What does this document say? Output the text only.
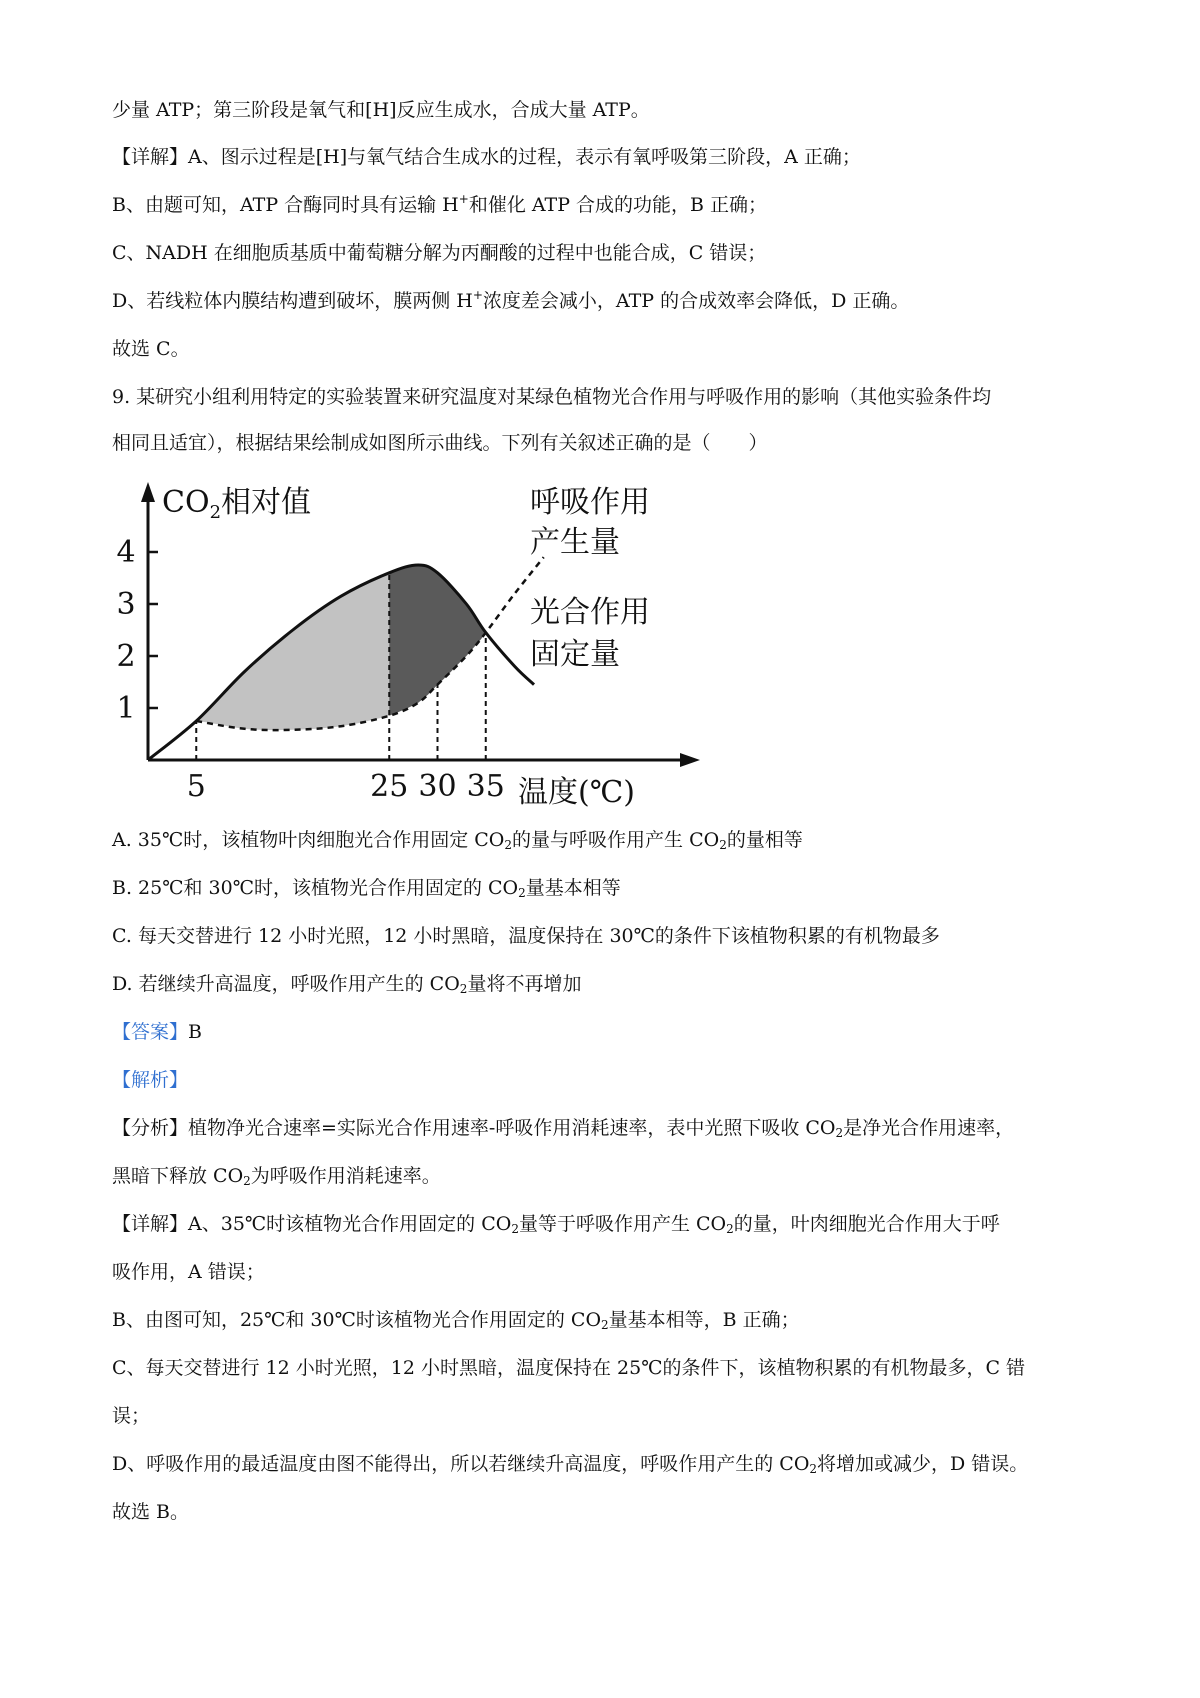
少量 ATP；第三阶段是氧气和[H]反应生成水，合成大量 ATP。
【详解】A、图示过程是[H]与氧气结合生成水的过程，表示有氧呼吸第三阶段，A 正确；
B、由题可知，ATP 合酶同时具有运输 H+和催化 ATP 合成的功能，B 正确；
C、NADH 在细胞质基质中葡萄糖分解为丙酮酸的过程中也能合成，C 错误；
D、若线粒体内膜结构遭到破坏，膜两侧 H+浓度差会减小，ATP 的合成效率会降低，D 正确。
故选 C。
9. 某研究小组利用特定的实验装置来研究温度对某绿色植物光合作用与呼吸作用的影响（其他实验条件均
相同且适宜），根据结果绘制成如图所示曲线。下列有关叙述正确的是（　　）
1
2
3
4
5	25 30 35
$CO_2$相对值
温度(℃)
呼吸作用
产生量
光合作用
固定量
A. 35℃时，该植物叶肉细胞光合作用固定 $CO_2$的量与呼吸作用产生 $CO_2$的量相等
B. 25℃和 30℃时，该植物光合作用固定的 $CO_2$量基本相等
C. 每天交替进行 12 小时光照，12 小时黑暗，温度保持在 30℃的条件下该植物积累的有机物最多
D. 若继续升高温度，呼吸作用产生的 $CO_2$量将不再增加
【答案】B
【解析】
【分析】植物净光合速率=实际光合作用速率-呼吸作用消耗速率，表中光照下吸收 $CO_2$是净光合作用速率，
黑暗下释放 $CO_2$为呼吸作用消耗速率。
【详解】A、35℃时该植物光合作用固定的 $CO_2$量等于呼吸作用产生 $CO_2$的量，叶肉细胞光合作用大于呼
吸作用，A 错误；
B、由图可知，25℃和 30℃时该植物光合作用固定的 $CO_2$量基本相等，B 正确；
C、每天交替进行 12 小时光照，12 小时黑暗，温度保持在 25℃的条件下，该植物积累的有机物最多，C 错
误；
D、呼吸作用的最适温度由图不能得出，所以若继续升高温度，呼吸作用产生的 $CO_2$将增加或减少，D 错误。
故选 B。
